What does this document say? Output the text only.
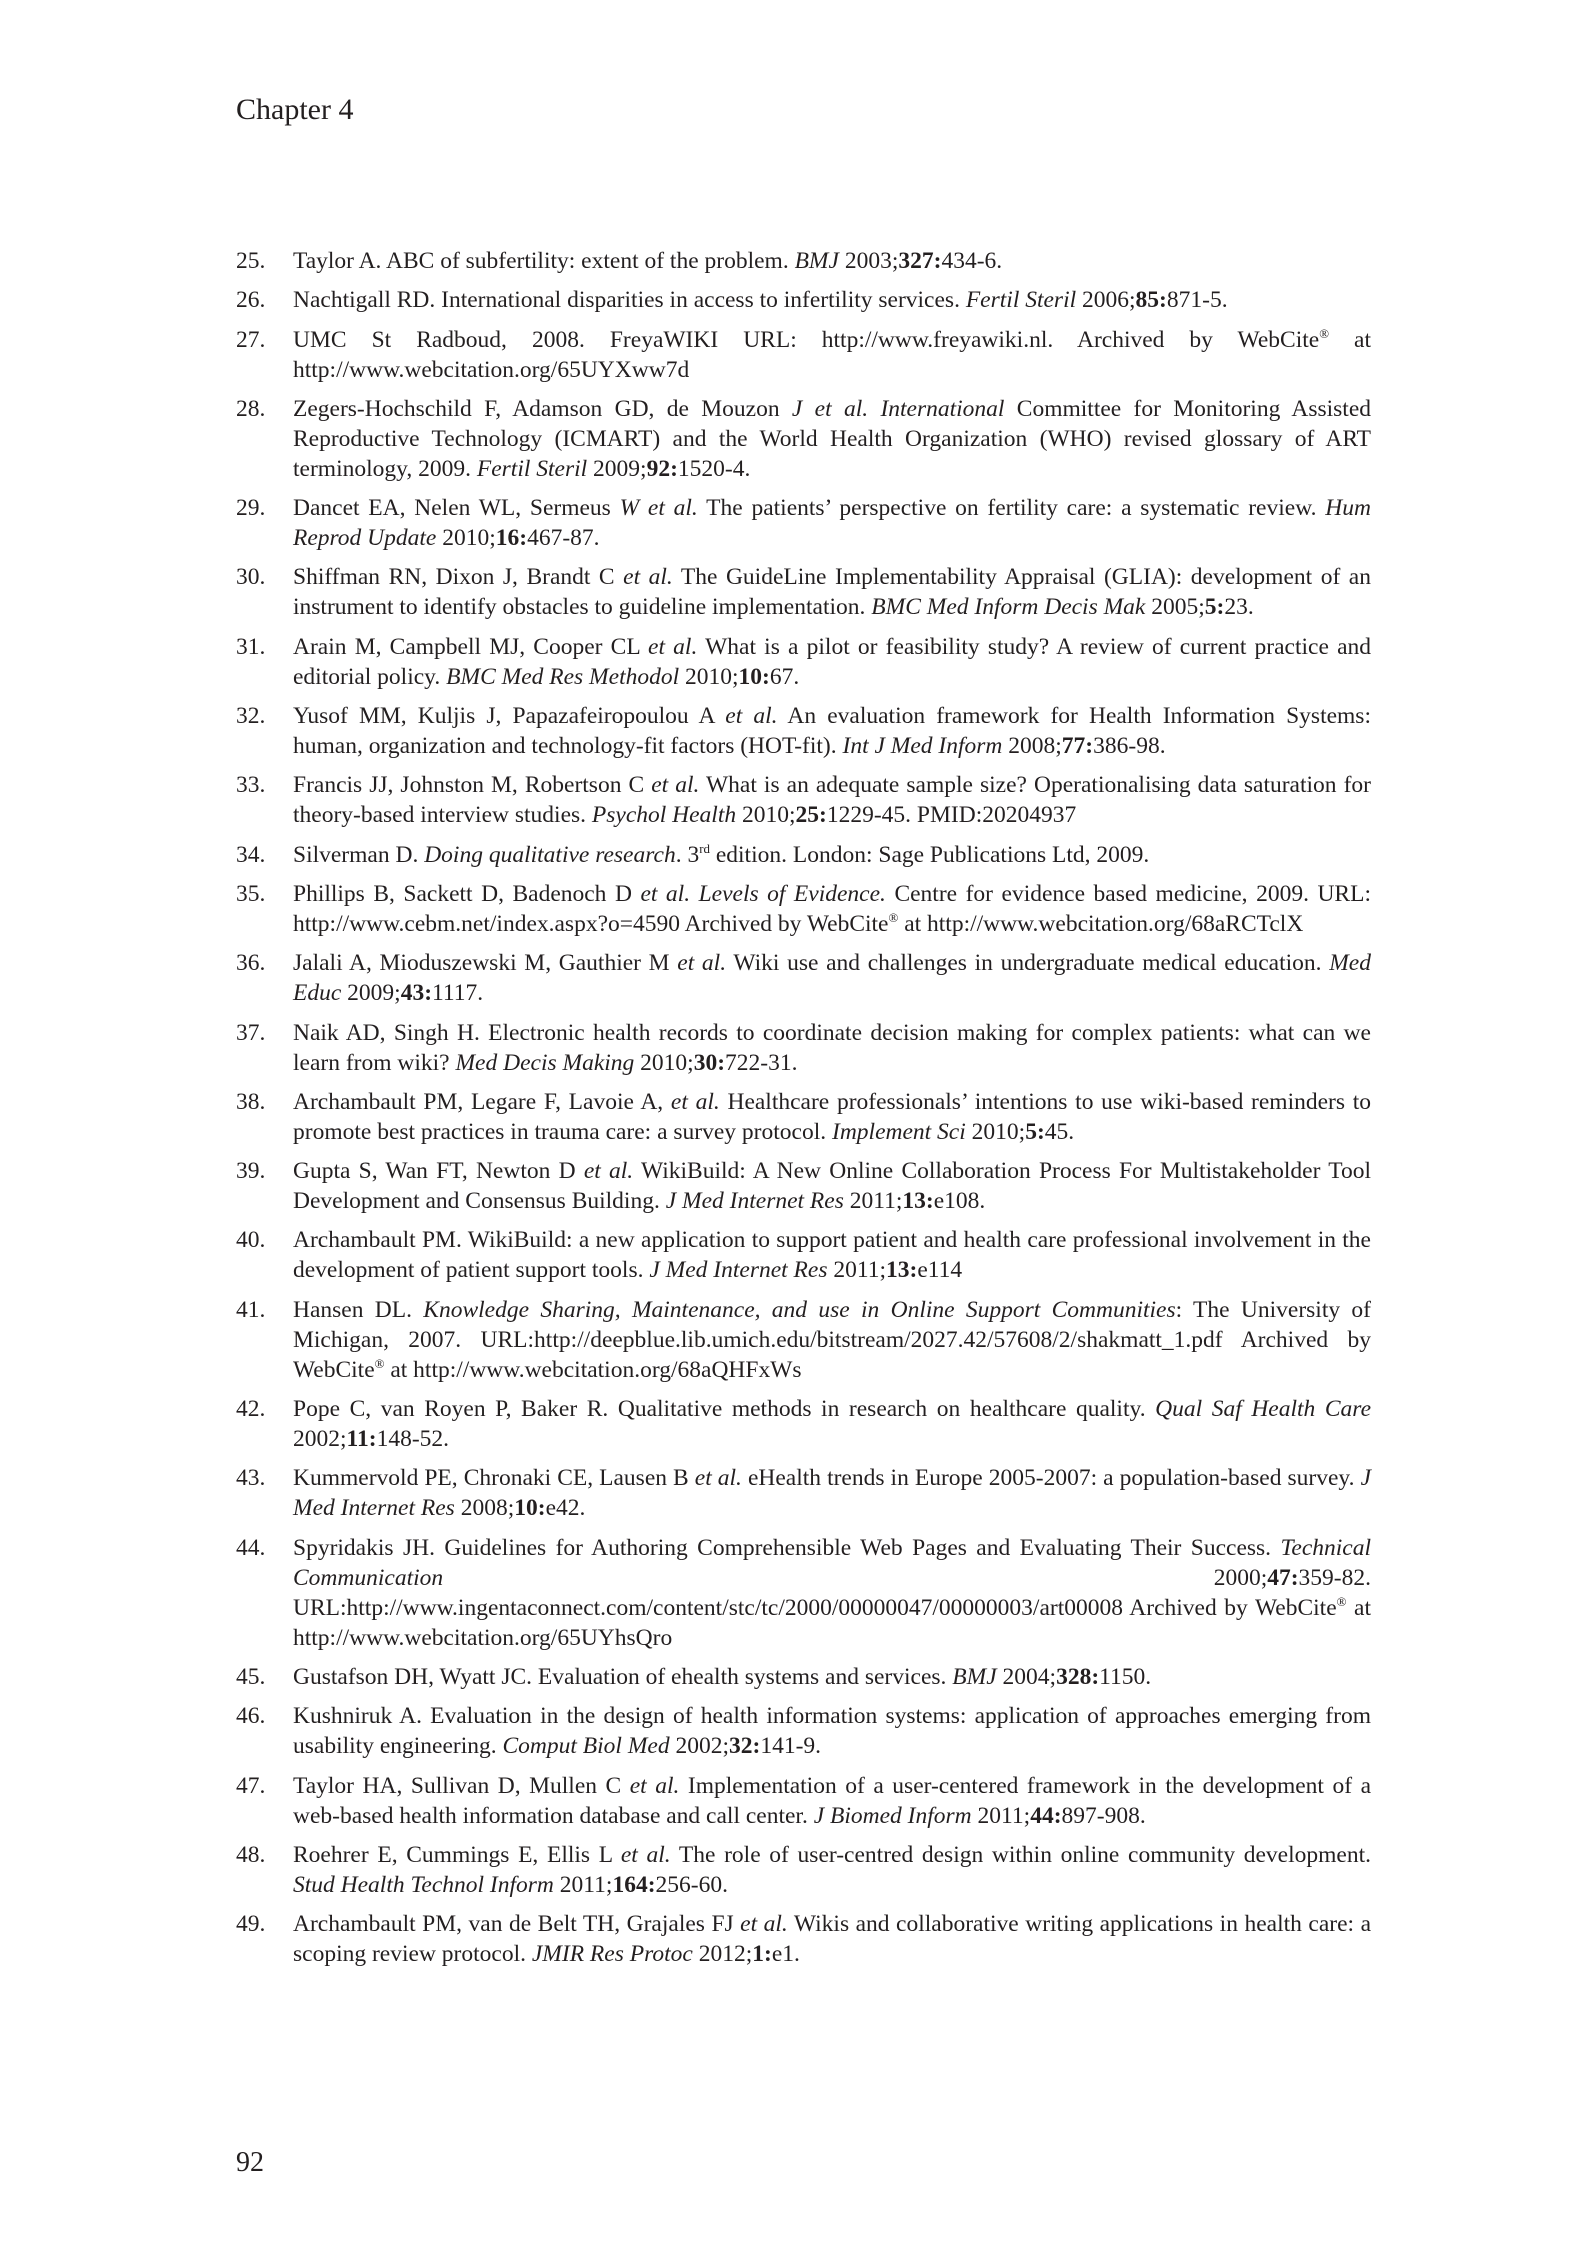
Chapter 4
25.	Taylor A. ABC of subfertility: extent of the problem. BMJ 2003;327:434-6.
26.	Nachtigall RD. International disparities in access to infertility services. Fertil Steril 2006;85:871-5.
27.	UMC St Radboud, 2008. FreyaWIKI URL: http://www.freyawiki.nl. Archived by WebCite® at http://www.webcitation.org/65UYXww7d
28.	Zegers-Hochschild F, Adamson GD, de Mouzon J et al. International Committee for Monitoring Assisted Reproductive Technology (ICMART) and the World Health Organization (WHO) revised glossary of ART terminology, 2009. Fertil Steril 2009;92:1520-4.
29.	Dancet EA, Nelen WL, Sermeus W et al. The patients’ perspective on fertility care: a systematic review. Hum Reprod Update 2010;16:467-87.
30.	Shiffman RN, Dixon J, Brandt C et al. The GuideLine Implementability Appraisal (GLIA): development of an instrument to identify obstacles to guideline implementation. BMC Med Inform Decis Mak 2005;5:23.
31.	Arain M, Campbell MJ, Cooper CL et al. What is a pilot or feasibility study? A review of current practice and editorial policy. BMC Med Res Methodol 2010;10:67.
32.	Yusof MM, Kuljis J, Papazafeiropoulou A et al. An evaluation framework for Health Information Systems: human, organization and technology-fit factors (HOT-fit). Int J Med Inform 2008;77:386-98.
33.	Francis JJ, Johnston M, Robertson C et al. What is an adequate sample size? Operationalising data saturation for theory-based interview studies. Psychol Health 2010;25:1229-45. PMID:20204937
34.	Silverman D. Doing qualitative research. 3rd edition. London: Sage Publications Ltd, 2009.
35.	Phillips B, Sackett D, Badenoch D et al. Levels of Evidence. Centre for evidence based medicine, 2009. URL: http://www.cebm.net/index.aspx?o=4590 Archived by WebCite® at http://www.webcitation.org/68aRCTclX
36.	Jalali A, Mioduszewski M, Gauthier M et al. Wiki use and challenges in undergraduate medical education. Med Educ 2009;43:1117.
37.	Naik AD, Singh H. Electronic health records to coordinate decision making for complex patients: what can we learn from wiki? Med Decis Making 2010;30:722-31.
38.	Archambault PM, Legare F, Lavoie A, et al. Healthcare professionals’ intentions to use wiki-based reminders to promote best practices in trauma care: a survey protocol. Implement Sci 2010;5:45.
39.	Gupta S, Wan FT, Newton D et al. WikiBuild: A New Online Collaboration Process For Multistakeholder Tool Development and Consensus Building. J Med Internet Res 2011;13:e108.
40.	Archambault PM. WikiBuild: a new application to support patient and health care professional involvement in the development of patient support tools. J Med Internet Res 2011;13:e114
41.	Hansen DL. Knowledge Sharing, Maintenance, and use in Online Support Communities: The University of Michigan, 2007. URL:http://deepblue.lib.umich.edu/bitstream/2027.42/57608/2/shakmatt_1.pdf Archived by WebCite® at http://www.webcitation.org/68aQHFxWs
42.	Pope C, van Royen P, Baker R. Qualitative methods in research on healthcare quality. Qual Saf Health Care 2002;11:148-52.
43.	Kummervold PE, Chronaki CE, Lausen B et al. eHealth trends in Europe 2005-2007: a population-based survey. J Med Internet Res 2008;10:e42.
44.	Spyridakis JH. Guidelines for Authoring Comprehensible Web Pages and Evaluating Their Success. Technical Communication 2000;47:359-82. URL:http://www.ingentaconnect.com/content/stc/tc/2000/00000047/00000003/art00008 Archived by WebCite® at http://www.webcitation.org/65UYhsQro
45.	Gustafson DH, Wyatt JC. Evaluation of ehealth systems and services. BMJ 2004;328:1150.
46.	Kushniruk A. Evaluation in the design of health information systems: application of approaches emerging from usability engineering. Comput Biol Med 2002;32:141-9.
47.	Taylor HA, Sullivan D, Mullen C et al. Implementation of a user-centered framework in the development of a web-based health information database and call center. J Biomed Inform 2011;44:897-908.
48.	Roehrer E, Cummings E, Ellis L et al. The role of user-centred design within online community development. Stud Health Technol Inform 2011;164:256-60.
49.	Archambault PM, van de Belt TH, Grajales FJ et al. Wikis and collaborative writing applications in health care: a scoping review protocol. JMIR Res Protoc 2012;1:e1.
92
